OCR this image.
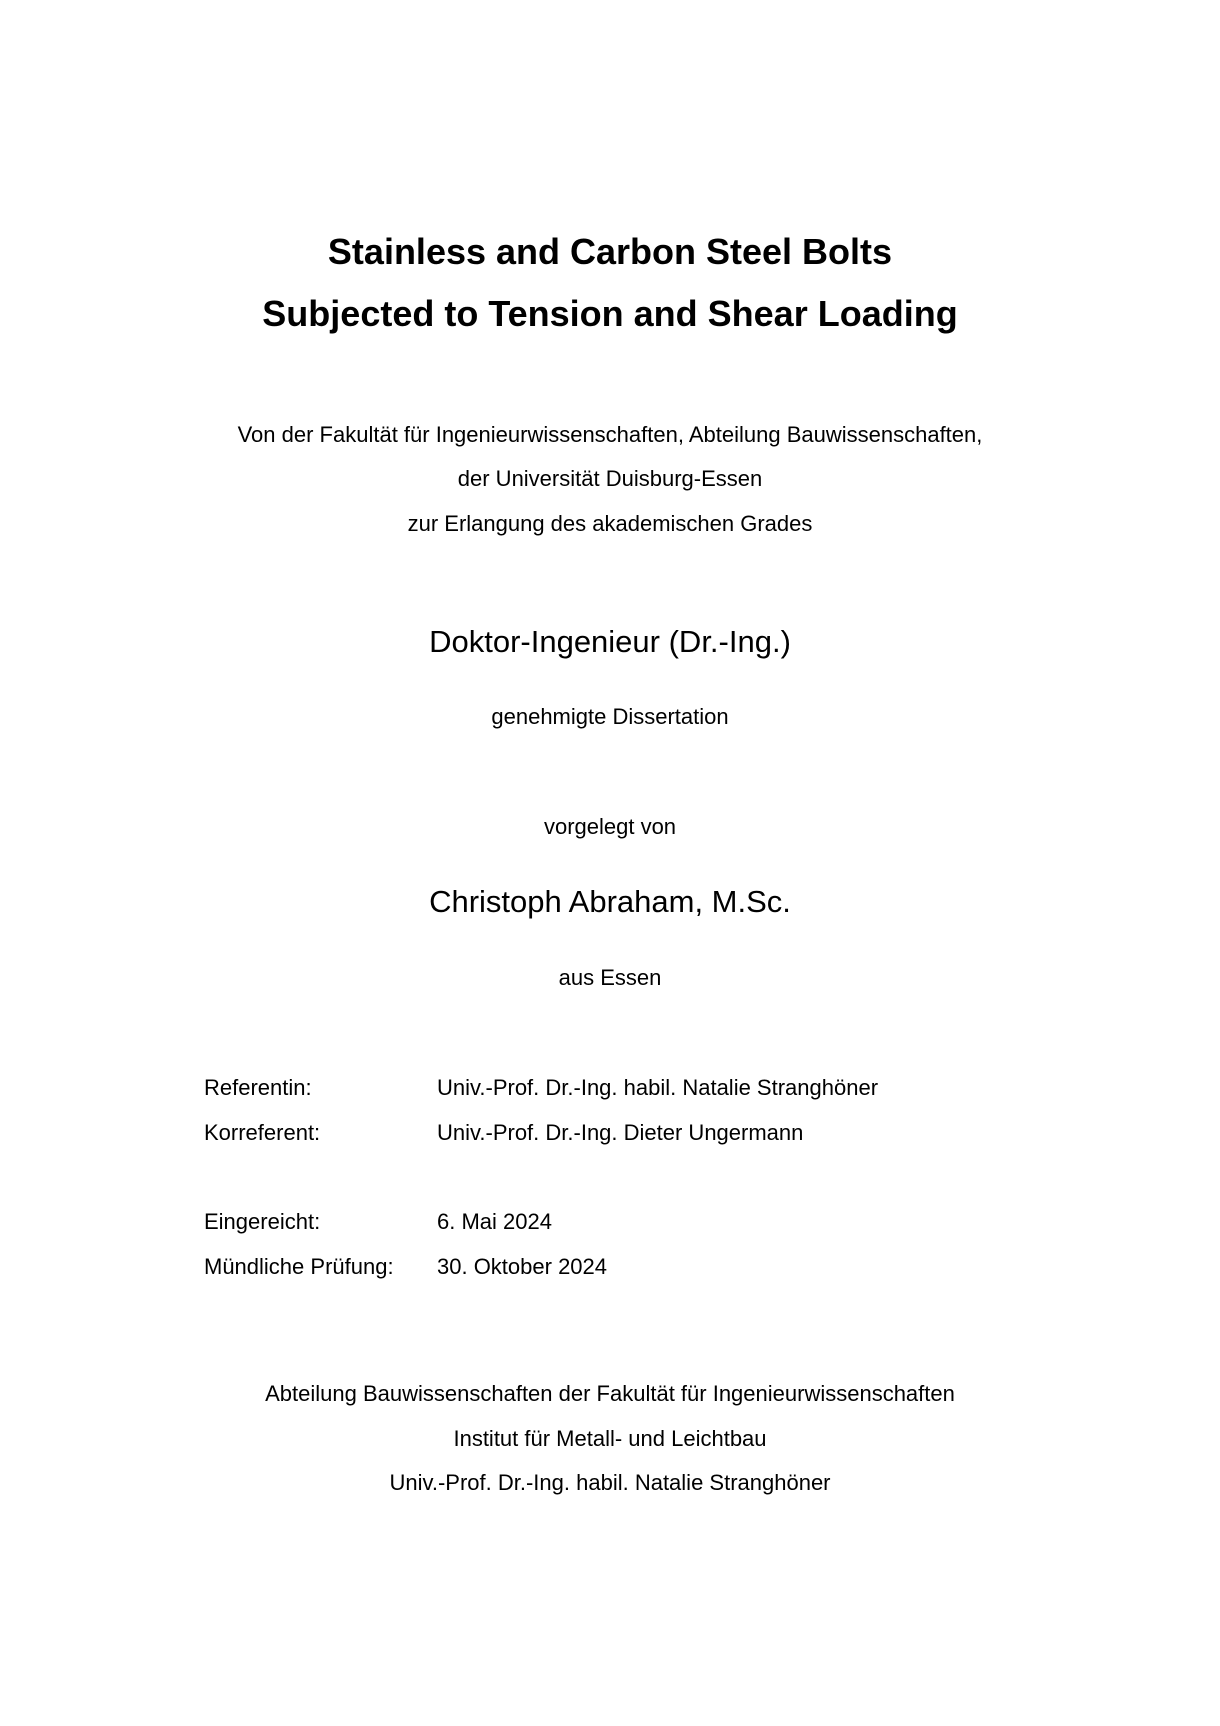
Stainless and Carbon Steel Bolts
Subjected to Tension and Shear Loading
Von der Fakultät für Ingenieurwissenschaften, Abteilung Bauwissenschaften,
der Universität Duisburg-Essen
zur Erlangung des akademischen Grades
Doktor-Ingenieur (Dr.-Ing.)
genehmigte Dissertation
vorgelegt von
Christoph Abraham, M.Sc.
aus Essen
Referentin:	Univ.-Prof. Dr.-Ing. habil. Natalie Stranghöner
Korreferent:	Univ.-Prof. Dr.-Ing. Dieter Ungermann
Eingereicht:	6. Mai 2024
Mündliche Prüfung: 30. Oktober 2024
Abteilung Bauwissenschaften der Fakultät für Ingenieurwissenschaften
Institut für Metall- und Leichtbau
Univ.-Prof. Dr.-Ing. habil. Natalie Stranghöner
